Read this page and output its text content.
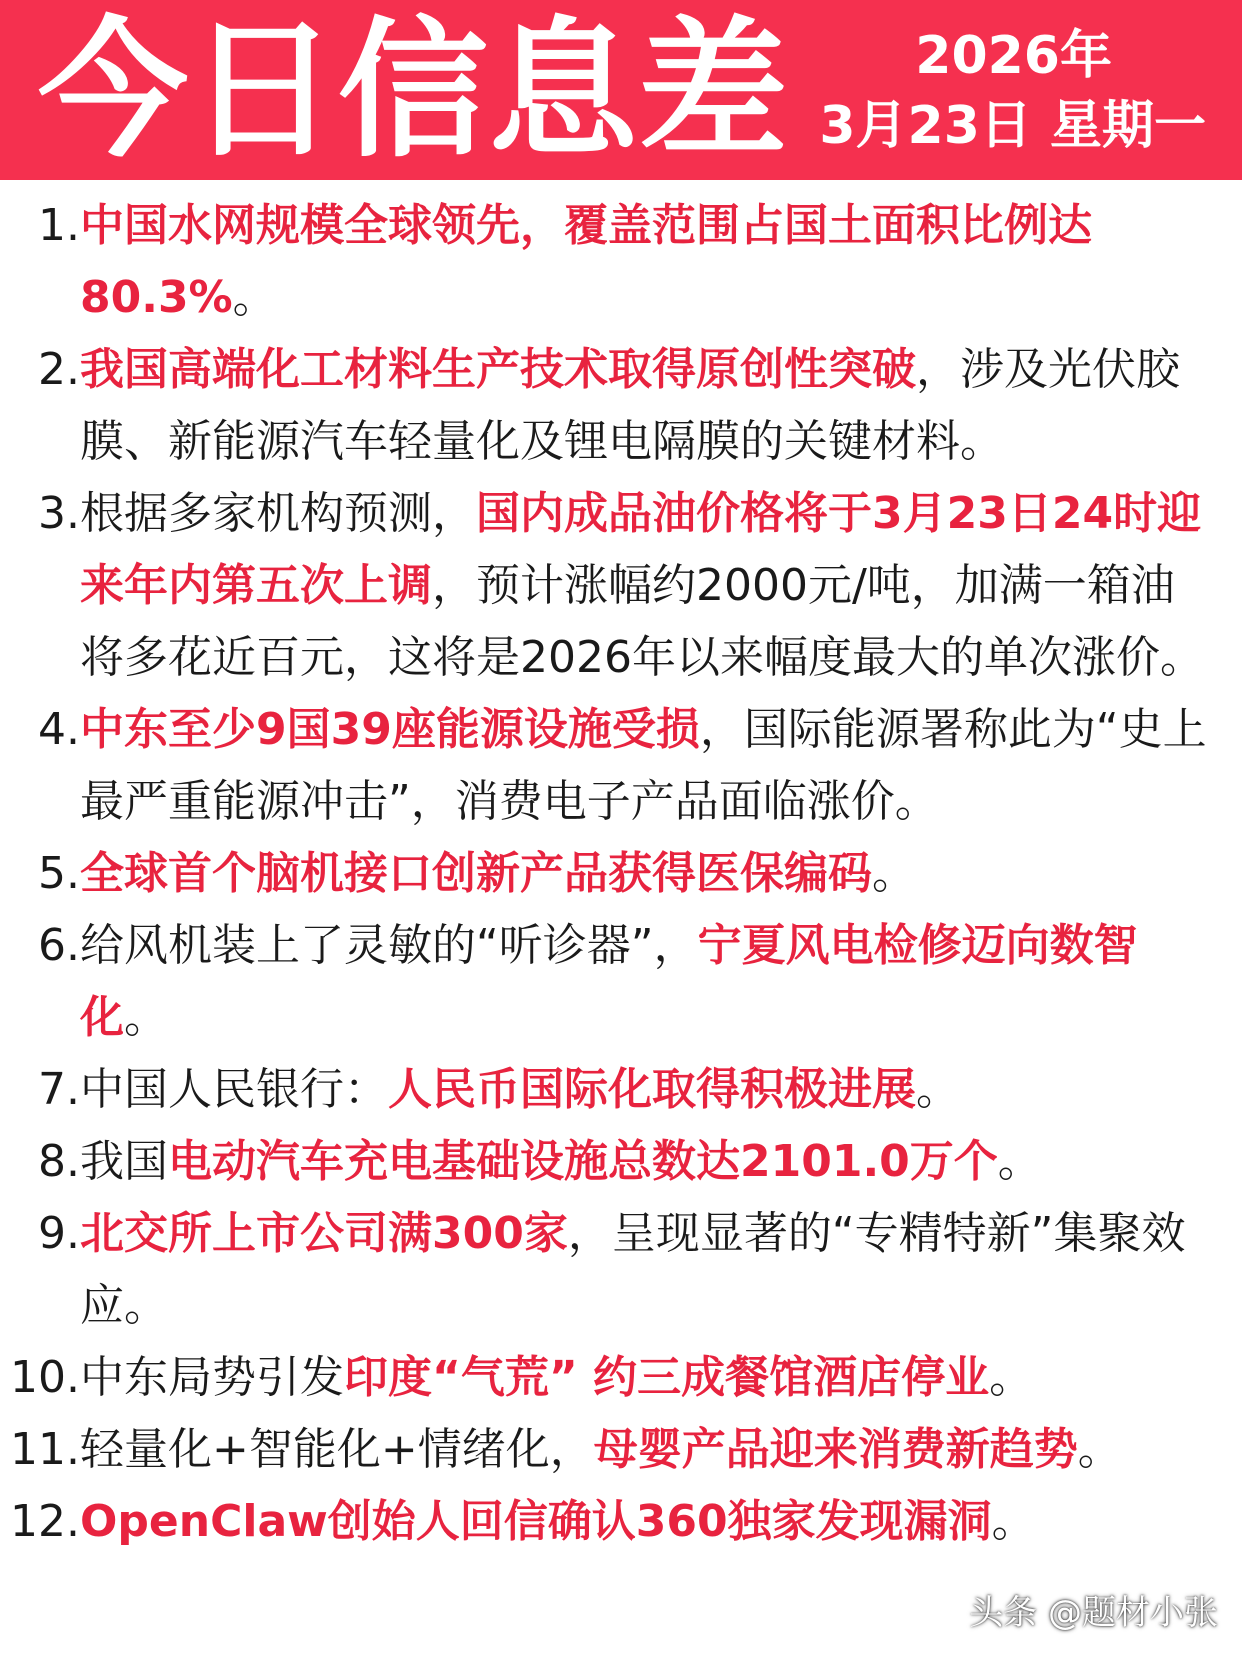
今日信息差 2026年
3月23日 星期一
1. 中国水网规模全球领先，覆盖范围占国土面积比例达80.3%。
2. 我国高端化工材料生产技术取得原创性突破，涉及光伏胶膜、新能源汽车轻量化及锂电隔膜的关键材料。
3. 根据多家机构预测，国内成品油价格将于3月23日24时迎来年内第五次上调，预计涨幅约2000元/吨，加满一箱油将多花近百元，这将是2026年以来幅度最大的单次涨价。
4. 中东至少9国39座能源设施受损，国际能源署称此为“史上最严重能源冲击”，消费电子产品面临涨价。
5. 全球首个脑机接口创新产品获得医保编码。
6. 给风机装上了灵敏的“听诊器”，宁夏风电检修迈向数智化。
7. 中国人民银行：人民币国际化取得积极进展。
8. 我国电动汽车充电基础设施总数达2101.0万个。
9. 北交所上市公司满300家，呈现显著的“专精特新”集聚效应。
10. 中东局势引发印度“气荒” 约三成餐馆酒店停业。
11. 轻量化+智能化+情绪化，母婴产品迎来消费新趋势。
12. OpenClaw创始人回信确认360独家发现漏洞。
头条 @题材小张
